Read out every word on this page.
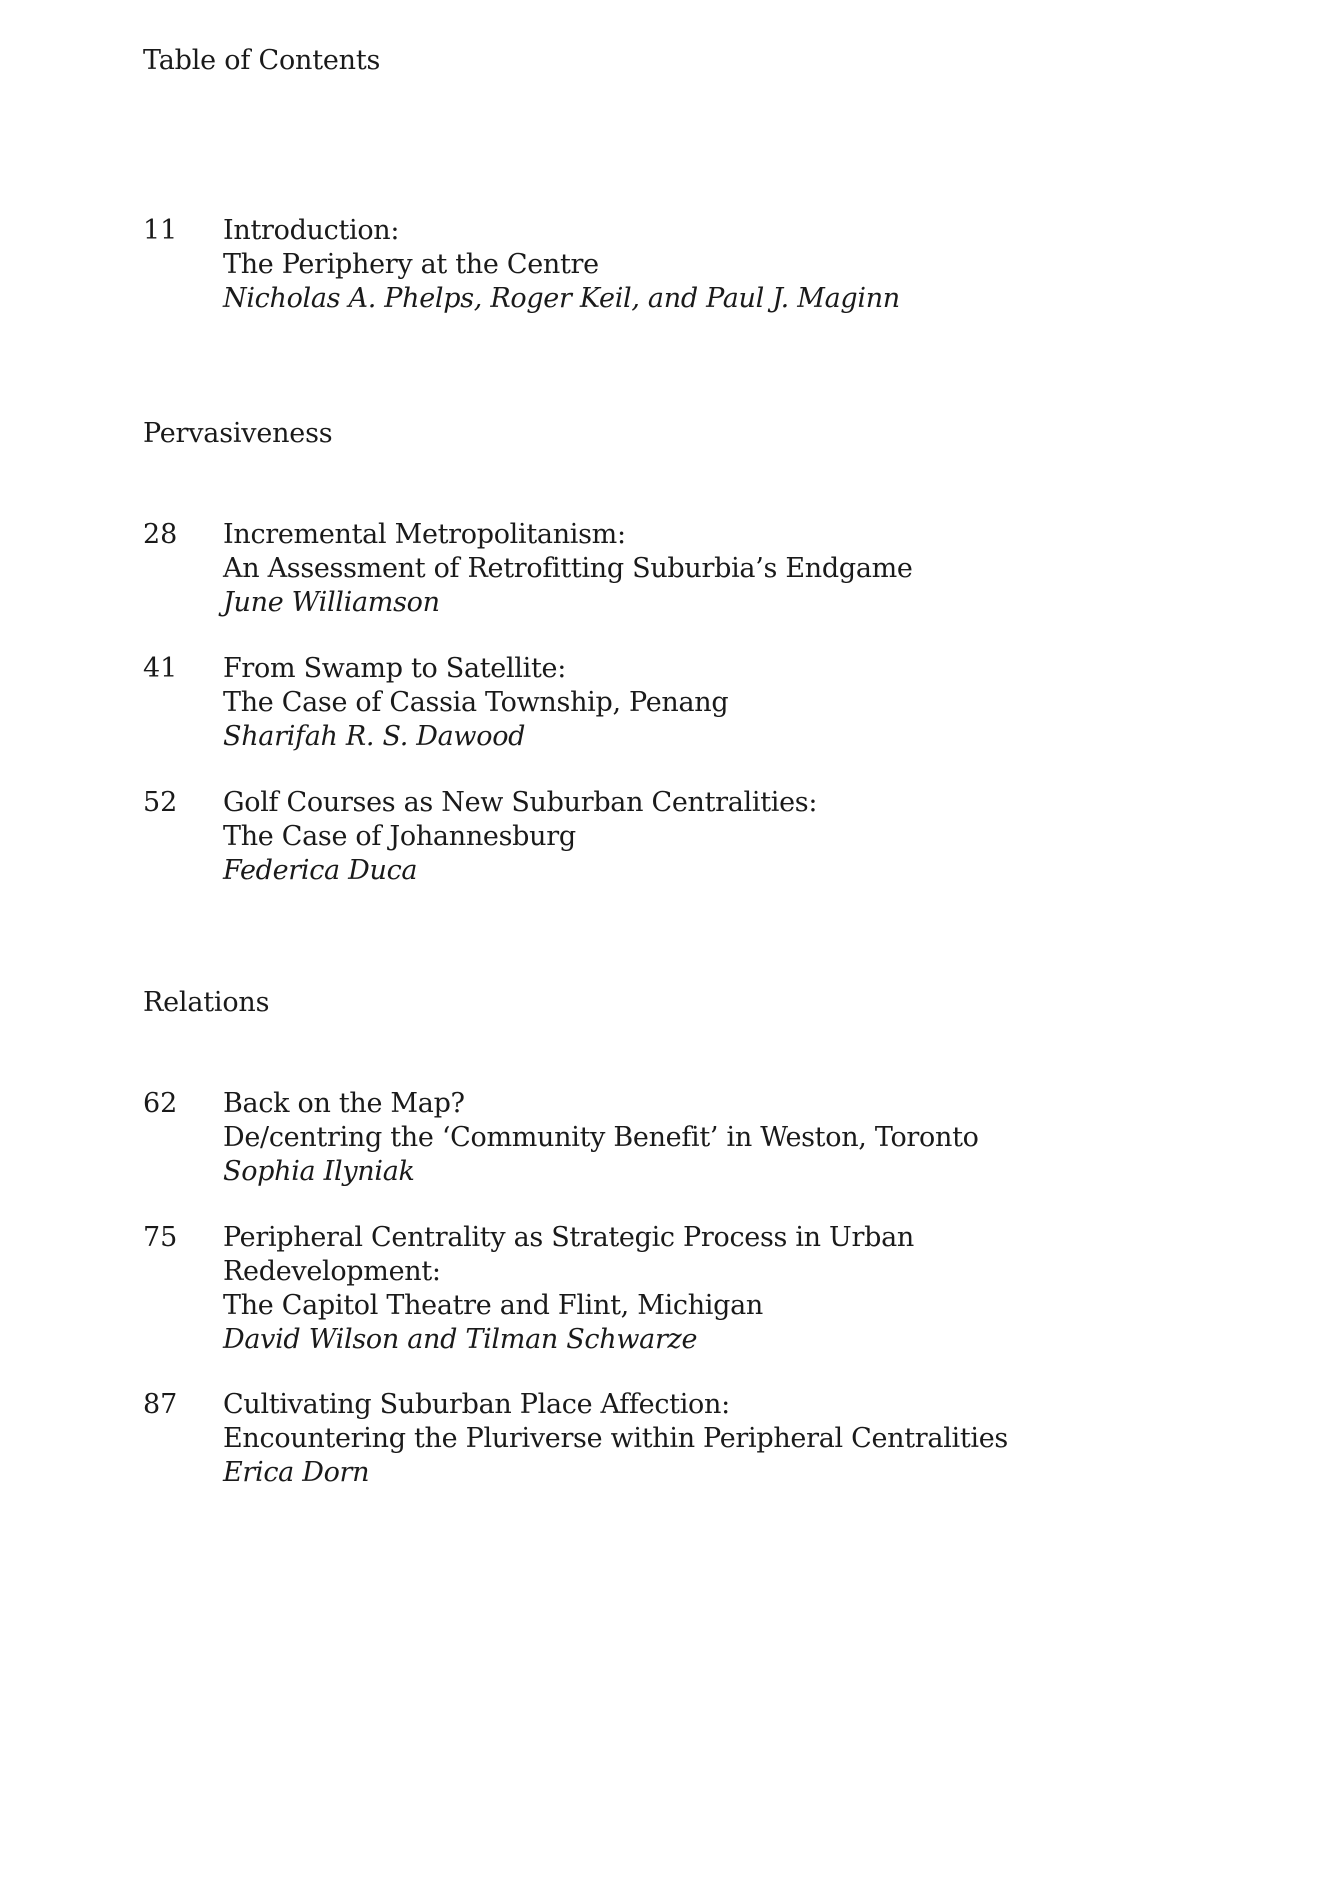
Table of Contents
11 Introduction:
The Periphery at the Centre
Nicholas A. Phelps, Roger Keil, and Paul J. Maginn
Pervasiveness
28 Incremental Metropolitanism:
An Assessment of Retrofitting Suburbia’s Endgame
June Williamson
41 From Swamp to Satellite:
The Case of Cassia Township, Penang
Sharifah R. S. Dawood
52 Golf Courses as New Suburban Centralities:
The Case of Johannesburg
Federica Duca
Relations
62 Back on the Map?
De/centring the ‘Community Benefit’ in Weston, Toronto
Sophia Ilyniak
75 Peripheral Centrality as Strategic Process in Urban
Redevelopment:
The Capitol Theatre and Flint, Michigan
David Wilson and Tilman Schwarze
87 Cultivating Suburban Place Affection:
Encountering the Pluriverse within Peripheral Centralities
Erica Dorn
